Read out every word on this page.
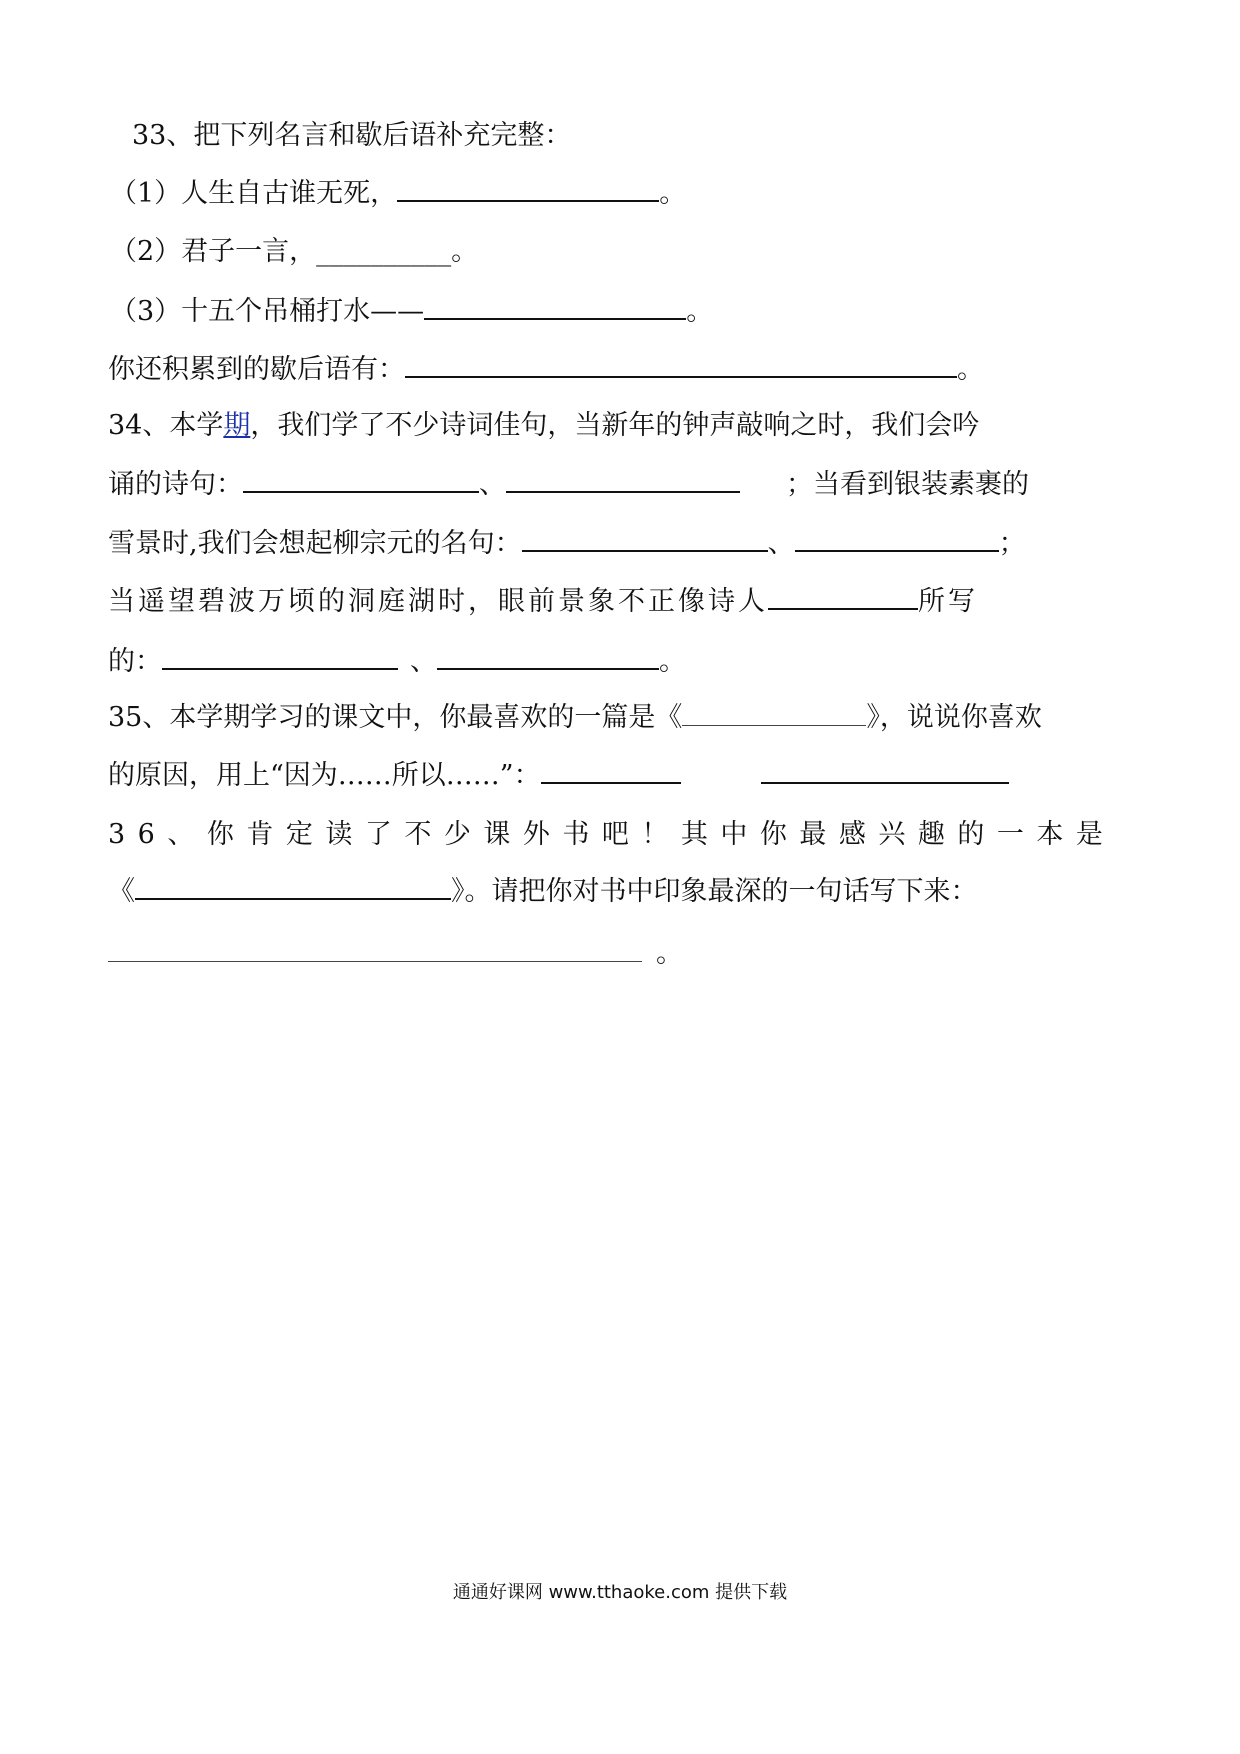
33、把下列名言和歇后语补充完整：
（1）人生自古谁无死，	。
（2）君子一言，__________。
（3）十五个吊桶打水——	。
你还积累到的歇后语有：	。
34、本学期，我们学了不少诗词佳句，当新年的钟声敲响之时，我们会吟
诵的诗句：	、	；当看到银装素裹的
雪景时,我们会想起柳宗元的名句：	、	；
当遥望碧波万顷的洞庭湖时，眼前景象不正像诗人	所写
的：	、	。
35、本学期学习的课文中，你最喜欢的一篇是《	》，说说你喜欢
的原因，用上“因为……所以……”：
36、你肯定读了不少课外书吧！其中你最感兴趣的一本是
《	》。请把你对书中印象最深的一句话写下来：
。
通通好课网 www.tthaoke.com 提供下载
